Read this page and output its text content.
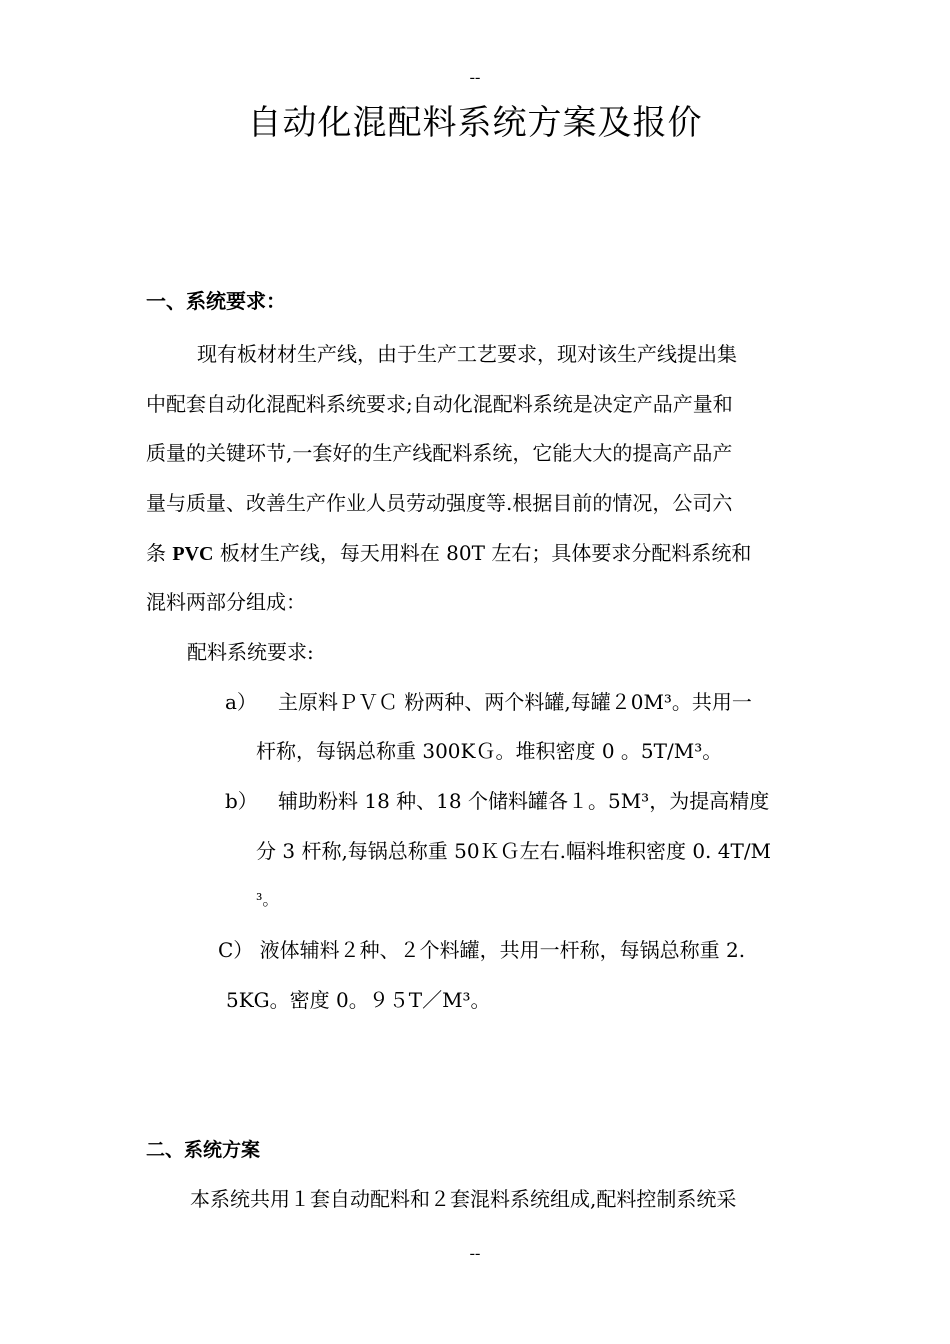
--
自动化混配料系统方案及报价
一、系统要求：

现有板材材生产线，由于生产工艺要求，现对该生产线提出集

中配套自动化混配料系统要求;自动化混配料系统是决定产品产量和

质量的关键环节,一套好的生产线配料系统，它能大大的提高产品产

量与质量、改善生产作业人员劳动强度等.根据目前的情况，公司六

条 PVC 板材生产线，每天用料在 80T 左右；具体要求分配料系统和

混料两部分组成：

配料系统要求:

a） 主原料ＰＶＣ 粉两种、两个料罐,每罐２0M³。共用一

杆称，每锅总称重 300KＧ。堆积密度 0 。5T/M³。

b） 辅助粉料 18 种、18 个储料罐各１。5M³，为提高精度

分 3 杆称,每锅总称重 50ＫＧ左右.幅料堆积密度 0. 4T/M

³。

C） 液体辅料２种、２个料罐，共用一杆称，每锅总称重 2.

5KG。密度 0。９５T／M³。

二、系统方案

本系统共用１套自动配料和２套混料系统组成,配料控制系统采

--
